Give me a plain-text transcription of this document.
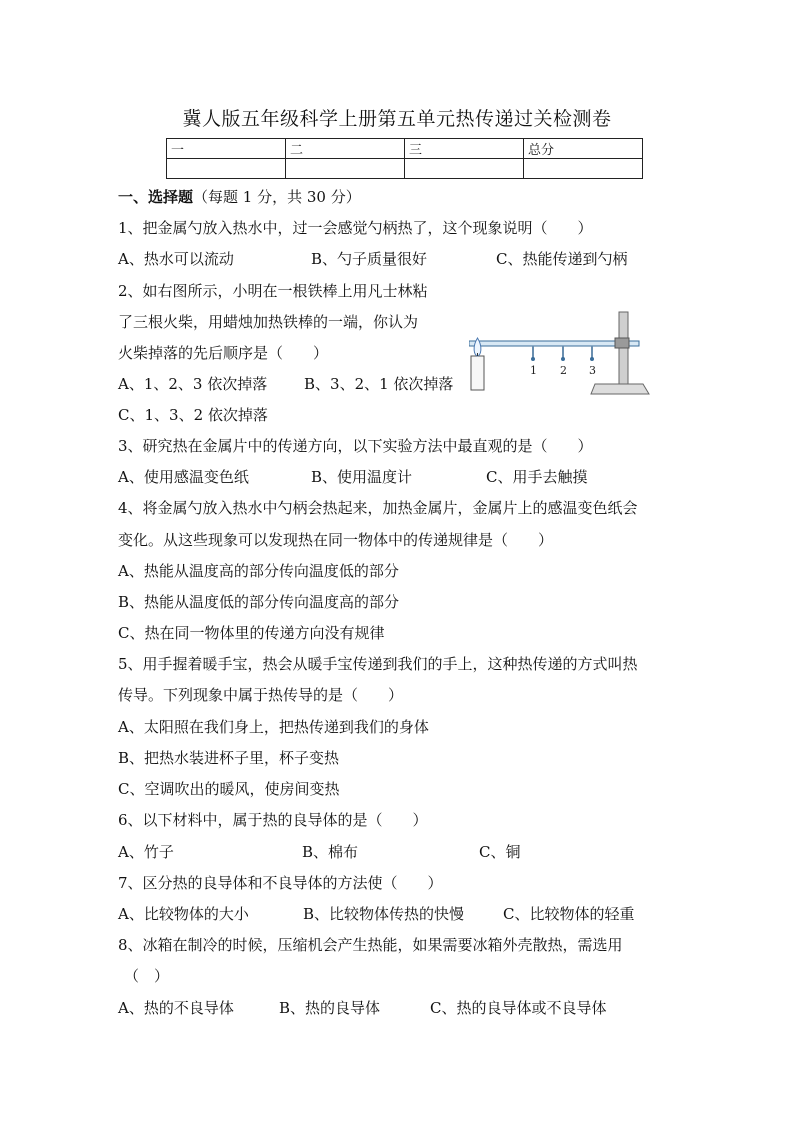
冀人版五年级科学上册第五单元热传递过关检测卷
一	二	三	总分

一、选择题（每题 1 分，共 30 分）
1、把金属勺放入热水中，过一会感觉勺柄热了，这个现象说明（　　）
A、热水可以流动	B、勺子质量很好	C、热能传递到勺柄
2、如右图所示，小明在一根铁棒上用凡士林粘
了三根火柴，用蜡烛加热铁棒的一端，你认为
火柴掉落的先后顺序是（　　）
A、1、2、3 依次掉落 B、3、2、1 依次掉落
C、1、3、2 依次掉落
1 2 3
3、研究热在金属片中的传递方向，以下实验方法中最直观的是（　　）
A、使用感温变色纸	B、使用温度计	C、用手去触摸
4、将金属勺放入热水中勺柄会热起来，加热金属片，金属片上的感温变色纸会
变化。从这些现象可以发现热在同一物体中的传递规律是（　　）
A、热能从温度高的部分传向温度低的部分
B、热能从温度低的部分传向温度高的部分
C、热在同一物体里的传递方向没有规律
5、用手握着暖手宝，热会从暖手宝传递到我们的手上，这种热传递的方式叫热
传导。下列现象中属于热传导的是（　　）
A、太阳照在我们身上，把热传递到我们的身体
B、把热水装进杯子里，杯子变热
C、空调吹出的暖风，使房间变热
6、以下材料中，属于热的良导体的是（　　）
A、竹子	B、棉布	C、铜
7、区分热的良导体和不良导体的方法使（　　）
A、比较物体的大小	B、比较物体传热的快慢	C、比较物体的轻重
8、冰箱在制冷的时候，压缩机会产生热能，如果需要冰箱外壳散热，需选用
（　）
A、热的不良导体	B、热的良导体	C、热的良导体或不良导体
